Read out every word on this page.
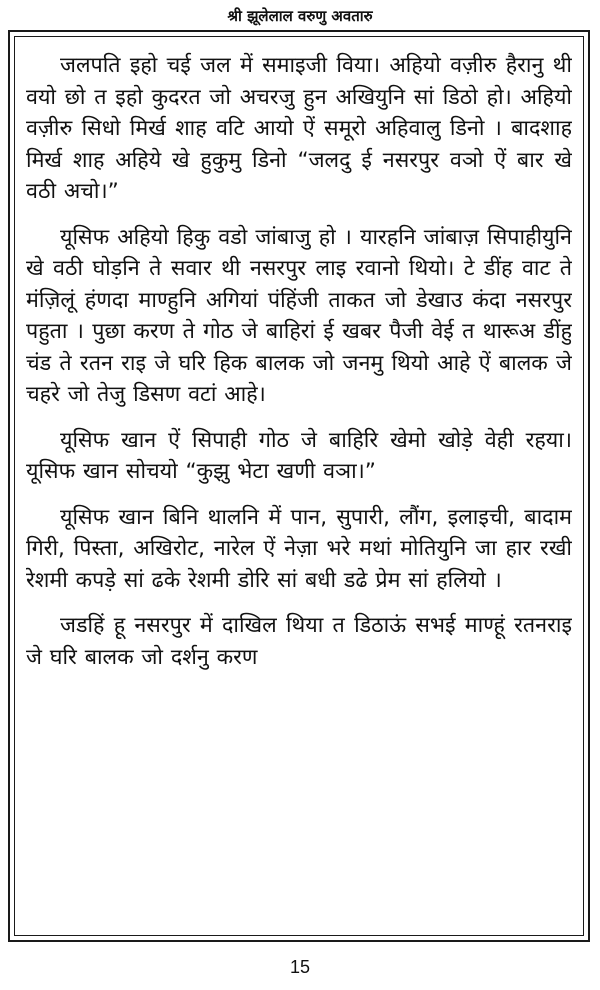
श्री झूलेलाल वरुणु अवतारु

जलपति इहो चई जल में समाइजी विया। अहियो वज़ीरु हैरानु थी वयो छो त इहो कुदरत जो अचरजु हुन अखियुनि सां डिठो हो। अहियो वज़ीरु सिधो मिर्ख शाह वटि आयो ऐं समूरो अहिवालु डिनो । बादशाह मिर्ख शाह अहिये खे हुकुमु डिनो “जलदु ई नसरपुर वञो ऐं बार खे वठी अचो।”

यूसिफ अहियो हिकु वडो जांबाजु हो । यारहनि जांबाज़ सिपाहीयुनि खे वठी घोड़नि ते सवार थी नसरपुर लाइ रवानो थियो। टे डींह वाट ते मंज़िलूं हंणदा माण्हुनि अगियां पंहिंजी ताकत जो डेखाउ कंदा नसरपुर पहुता । पुछा करण ते गोठ जे बाहिरां ई खबर पैजी वेई त थारूअ डींहु चंड ते रतन राइ जे घरि हिक बालक जो जनमु थियो आहे ऐं बालक जे चहरे जो तेजु डिसण वटां आहे।

यूसिफ खान ऐं सिपाही गोठ जे बाहिरि खेमो खोड़े वेही रहया। यूसिफ खान सोचयो “कुझु भेटा खणी वञा।”

यूसिफ खान बिनि थालनि में पान, सुपारी, लौंग, इलाइची, बादाम गिरी, पिस्ता, अखिरोट, नारेल ऐं नेज़ा भरे मथां मोतियुनि जा हार रखी रेशमी कपड़े सां ढके रेशमी डोरि सां बधी डढे प्रेम सां हलियो ।

जडहिं हू नसरपुर में दाखिल थिया त डिठाऊं सभई माण्हूं रतनराइ जे घरि बालक जो दर्शनु करण

15
